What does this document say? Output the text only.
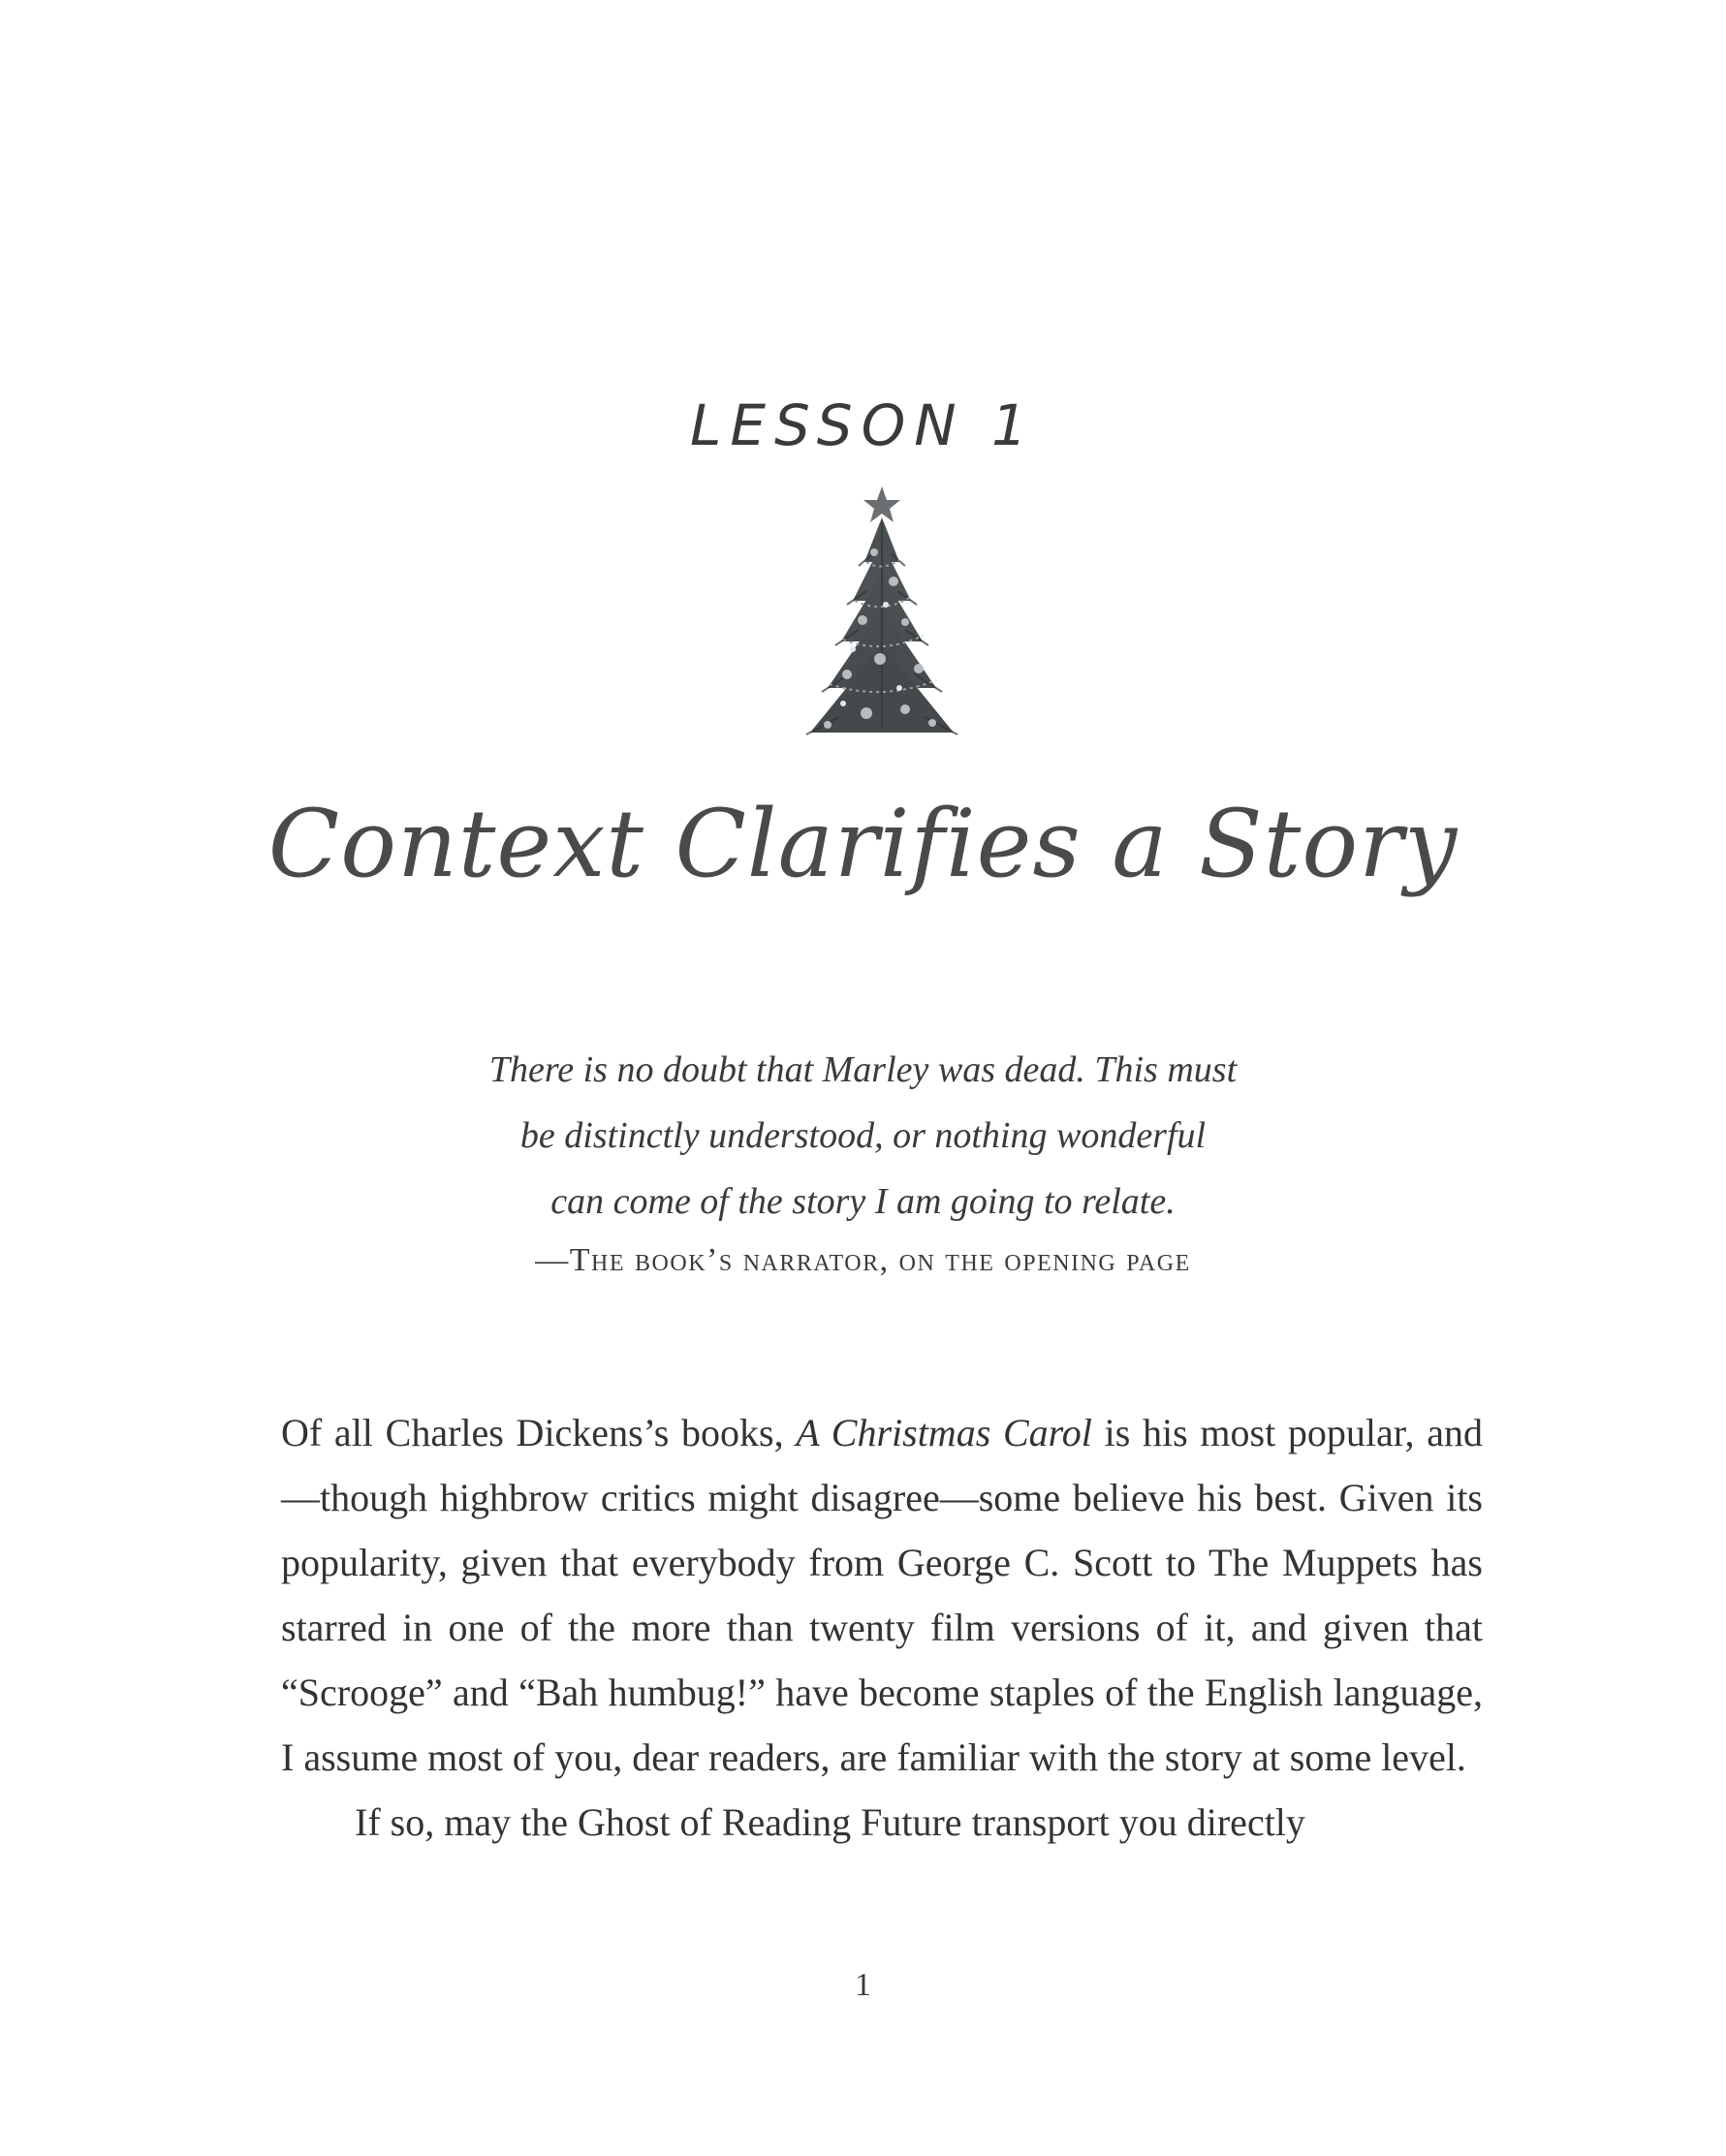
LESSON 1
Context Clarifies a Story
There is no doubt that Marley was dead. This must
be distinctly understood, or nothing wonderful
can come of the story I am going to relate.
—The book’s narrator, on the opening page

Of all Charles Dickens’s books, A Christmas Carol is his most popular, and—though highbrow critics might disagree—some believe his best. Given its popularity, given that everybody from George C. Scott to The Muppets has starred in one of the more than twenty film versions of it, and given that “Scrooge” and “Bah humbug!” have become staples of the English language, I assume most of you, dear readers, are familiar with the story at some level.

If so, may the Ghost of Reading Future transport you directly

1
